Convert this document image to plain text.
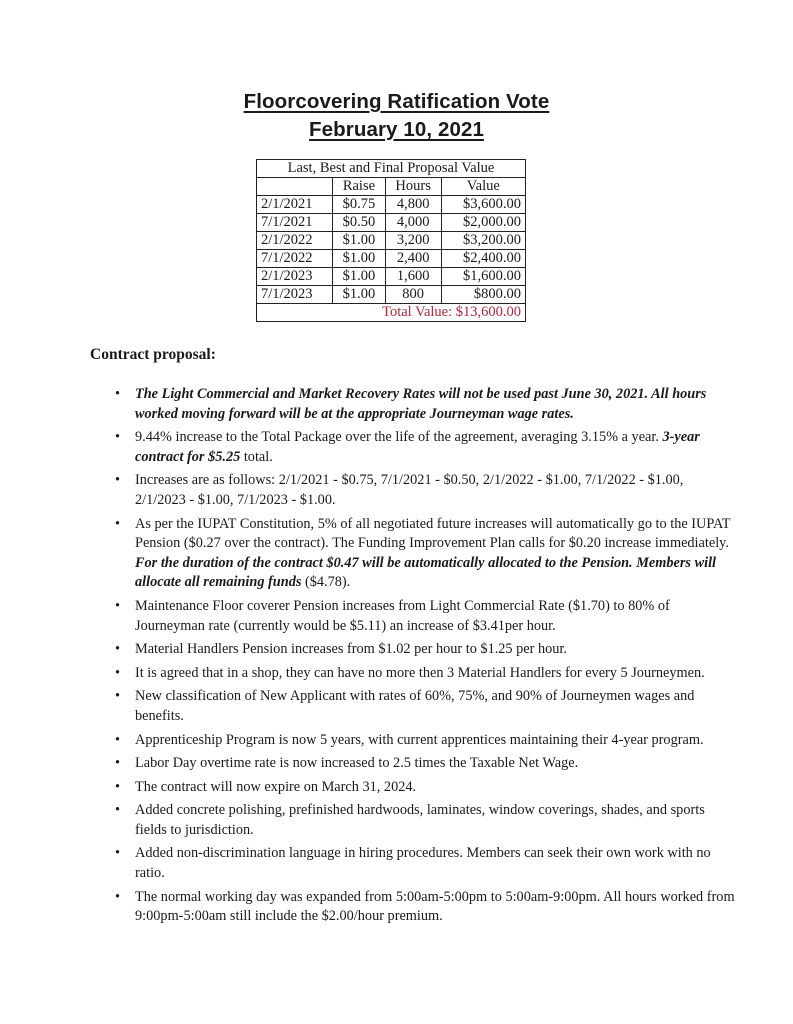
Floorcovering Ratification Vote
February 10, 2021
Last, Best and Final Proposal Value			
	Raise	Hours	Value
2/1/2021	$0.75	4,800	$3,600.00
7/1/2021	$0.50	4,000	$2,000.00
2/1/2022	$1.00	3,200	$3,200.00
7/1/2022	$1.00	2,400	$2,400.00
2/1/2023	$1.00	1,600	$1,600.00
7/1/2023	$1.00	800	$800.00
Total Value: $13,600.00			
Contract proposal:
• The Light Commercial and Market Recovery Rates will not be used past June 30, 2021. All hours worked moving forward will be at the appropriate Journeyman wage rates.
• 9.44% increase to the Total Package over the life of the agreement, averaging 3.15% a year. 3-year contract for $5.25 total.
• Increases are as follows: 2/1/2021 - $0.75, 7/1/2021 - $0.50, 2/1/2022 - $1.00, 7/1/2022 - $1.00, 2/1/2023 - $1.00, 7/1/2023 - $1.00.
• As per the IUPAT Constitution, 5% of all negotiated future increases will automatically go to the IUPAT Pension ($0.27 over the contract). The Funding Improvement Plan calls for $0.20 increase immediately. For the duration of the contract $0.47 will be automatically allocated to the Pension. Members will allocate all remaining funds ($4.78).
• Maintenance Floor coverer Pension increases from Light Commercial Rate ($1.70) to 80% of Journeyman rate (currently would be $5.11) an increase of $3.41per hour.
• Material Handlers Pension increases from $1.02 per hour to $1.25 per hour.
• It is agreed that in a shop, they can have no more then 3 Material Handlers for every 5 Journeymen.
• New classification of New Applicant with rates of 60%, 75%, and 90% of Journeymen wages and benefits.
• Apprenticeship Program is now 5 years, with current apprentices maintaining their 4-year program.
• Labor Day overtime rate is now increased to 2.5 times the Taxable Net Wage.
• The contract will now expire on March 31, 2024.
• Added concrete polishing, prefinished hardwoods, laminates, window coverings, shades, and sports fields to jurisdiction.
• Added non-discrimination language in hiring procedures. Members can seek their own work with no ratio.
• The normal working day was expanded from 5:00am-5:00pm to 5:00am-9:00pm. All hours worked from 9:00pm-5:00am still include the $2.00/hour premium.
